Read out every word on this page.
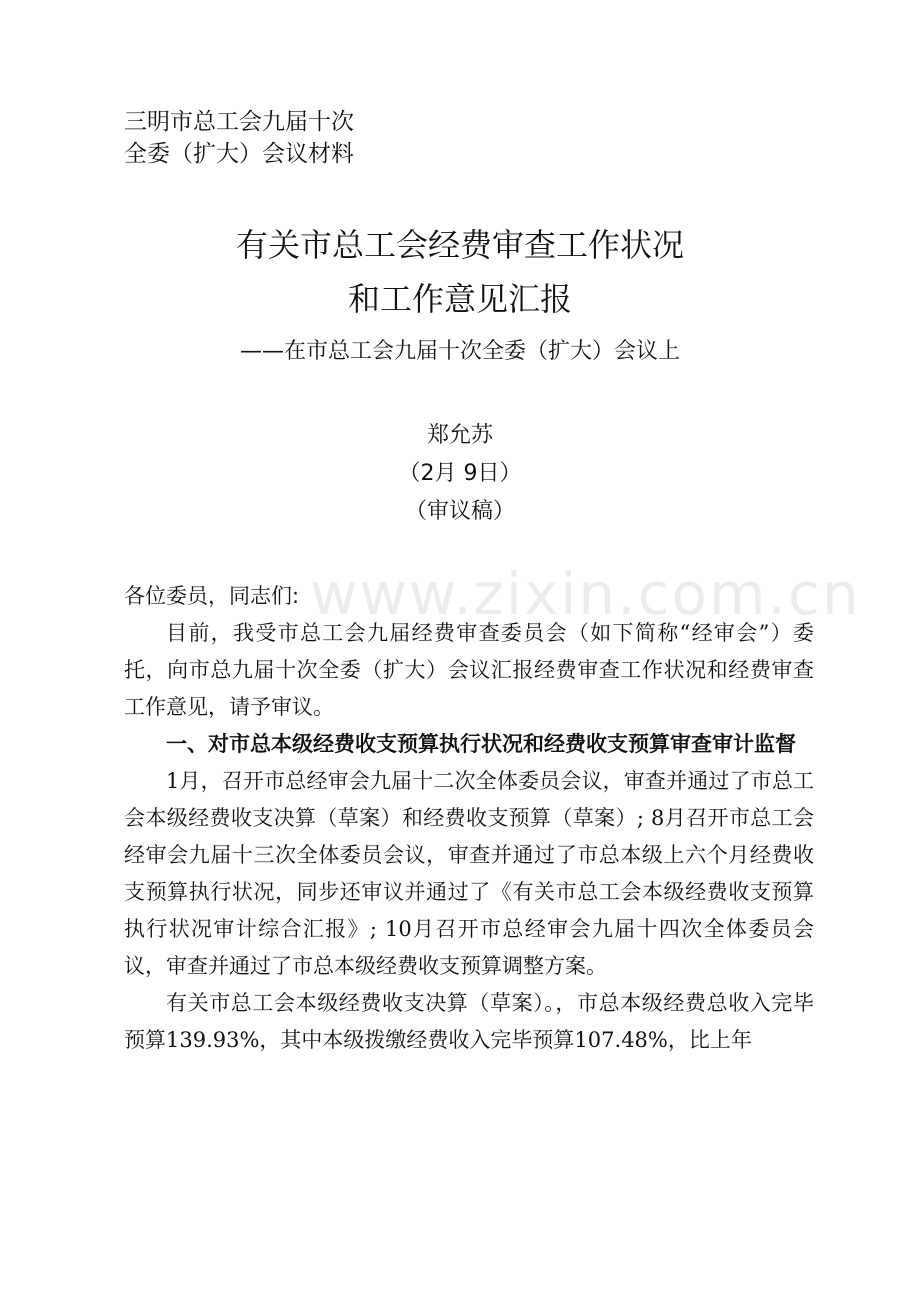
www.zixin.com.cn
三明市总工会九届十次
全委（扩大）会议材料
有关市总工会经费审查工作状况
和工作意见汇报
——在市总工会九届十次全委（扩大）会议上
郑允苏
（2月 9日）
（审议稿）

各位委员，同志们:

目前，我受市总工会九届经费审查委员会（如下简称“经审会”）委托，向市总九届十次全委（扩大）会议汇报经费审查工作状况和经费审查工作意见，请予审议。

一、对市总本级经费收支预算执行状况和经费收支预算审查审计监督

1月，召开市总经审会九届十二次全体委员会议，审查并通过了市总工会本级经费收支决算（草案）和经费收支预算（草案）; 8月召开市总工会经审会九届十三次全体委员会议，审查并通过了市总本级上六个月经费收支预算执行状况，同步还审议并通过了《有关市总工会本级经费收支预算执行状况审计综合汇报》; 10月召开市总经审会九届十四次全体委员会议，审查并通过了市总本级经费收支预算调整方案。

有关市总工会本级经费收支决算（草案）。，市总本级经费总收入完毕预算139.93%，其中本级拨缴经费收入完毕预算107.48%，比上年
